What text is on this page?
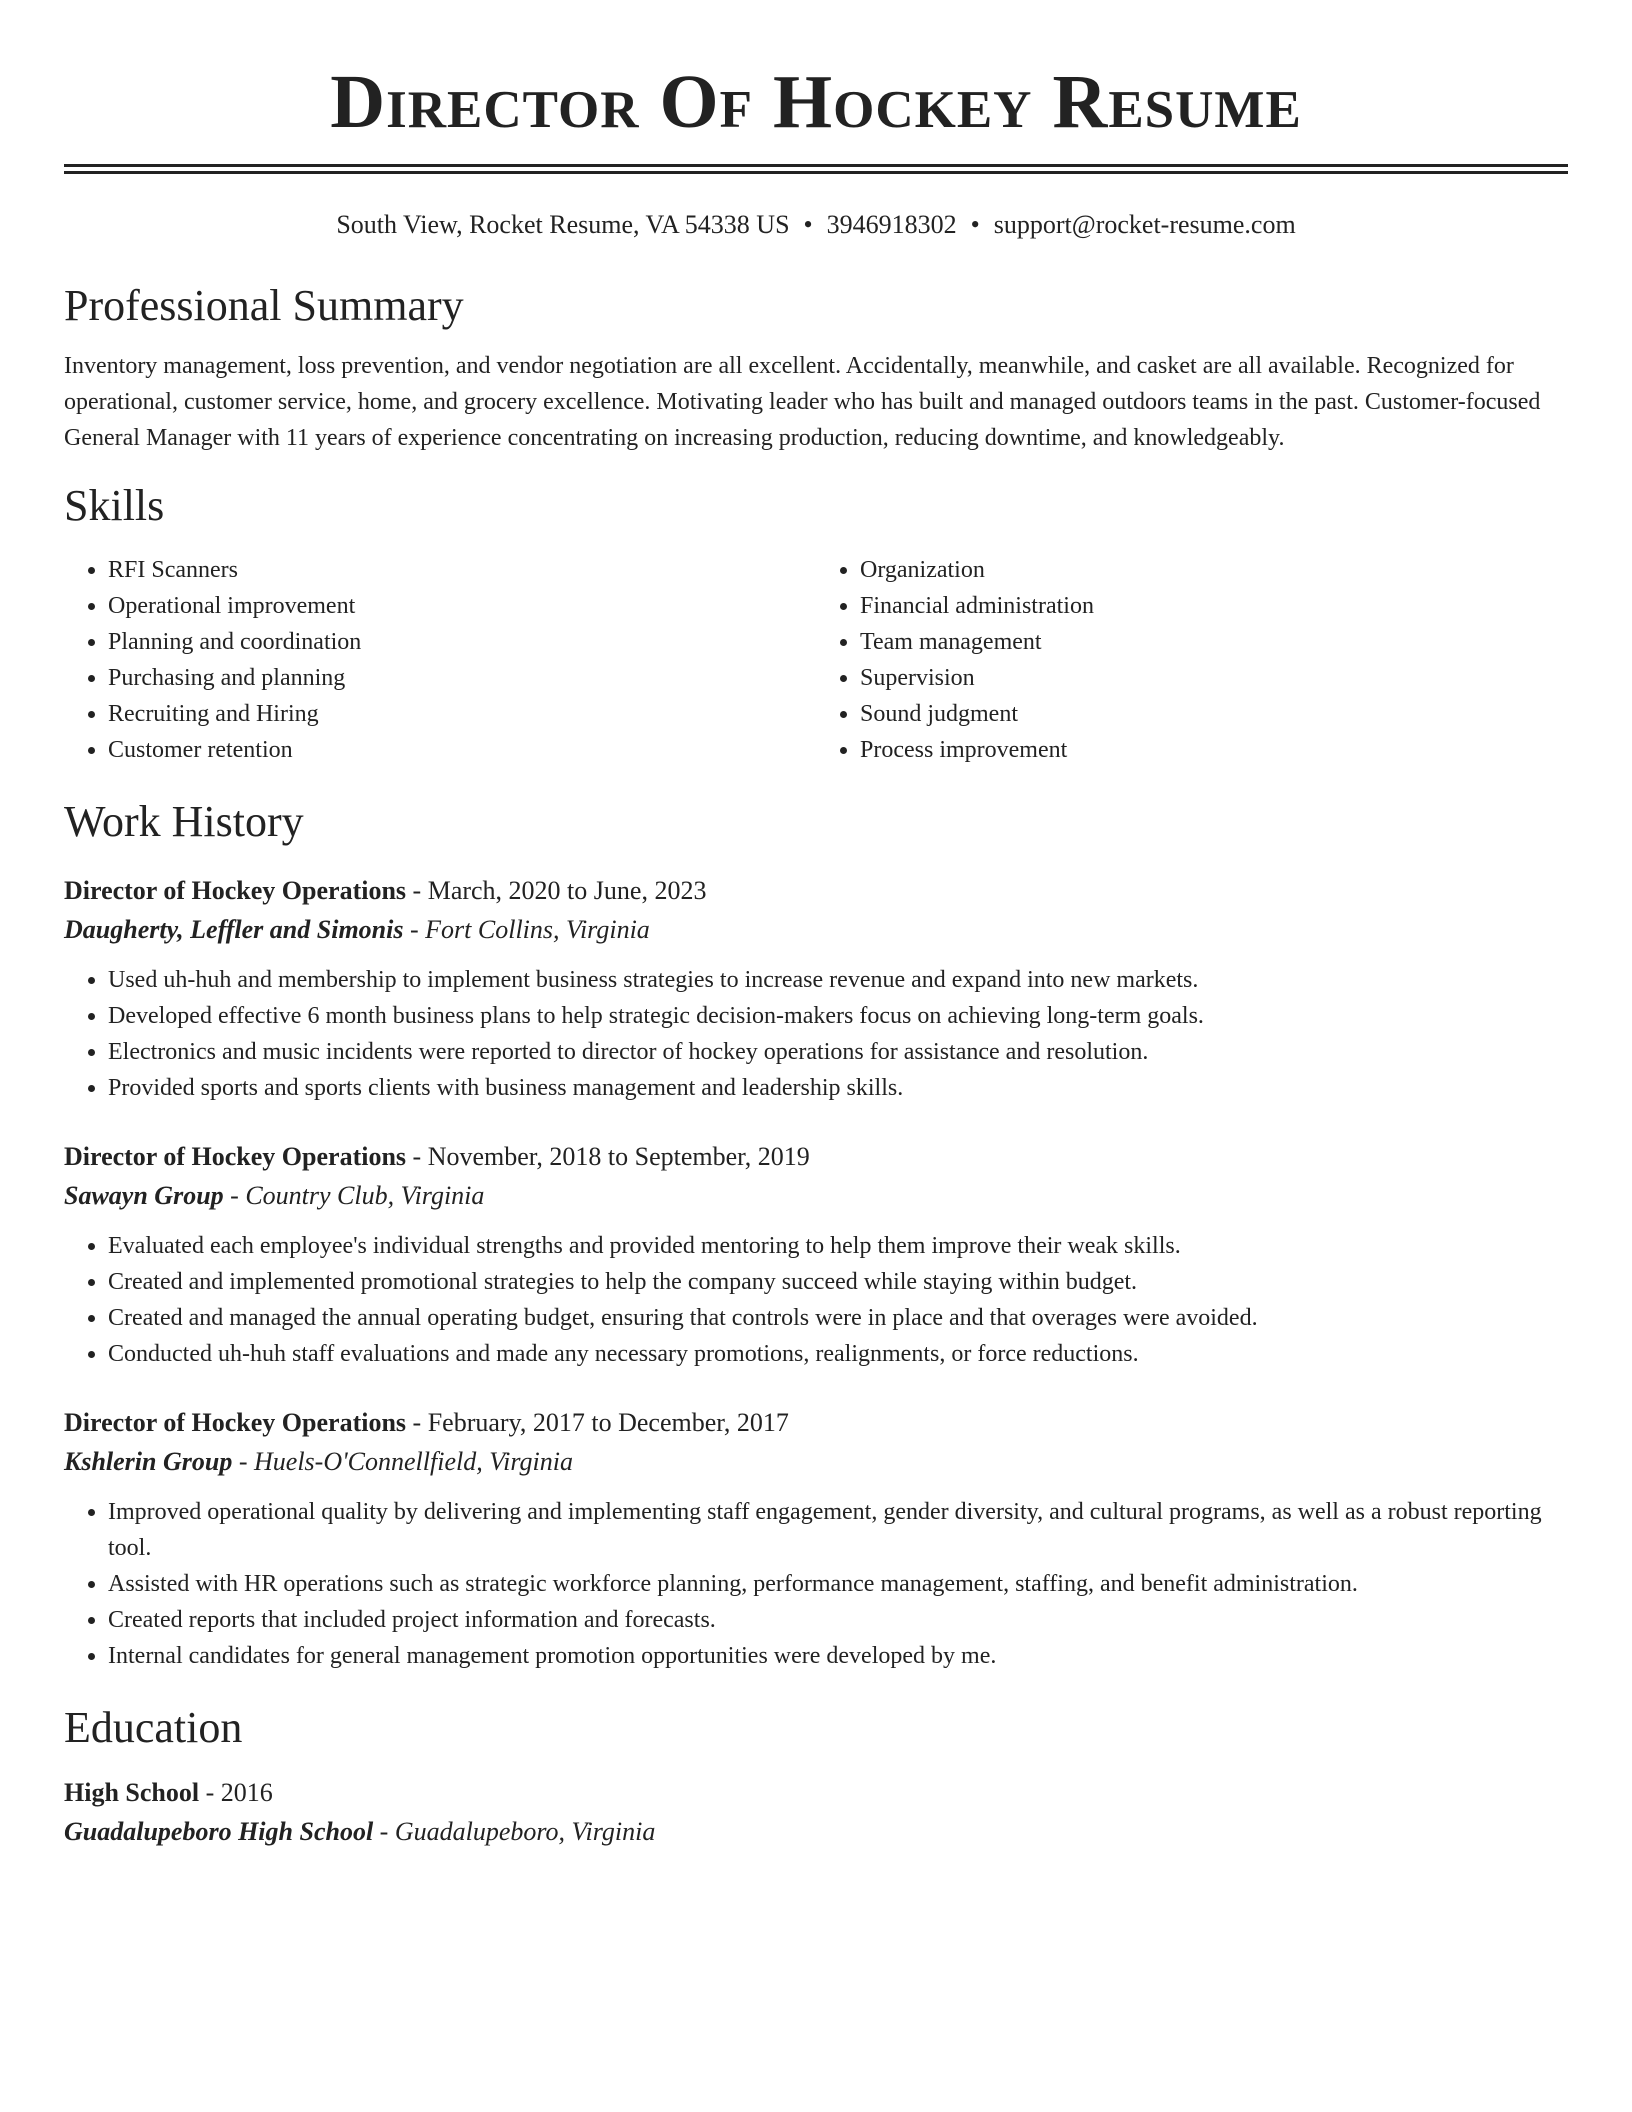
Director Of Hockey Resume
South View, Rocket Resume, VA 54338 US • 3946918302 • support@rocket-resume.com
Professional Summary

Inventory management, loss prevention, and vendor negotiation are all excellent. Accidentally, meanwhile, and casket are all available. Recognized for operational, customer service, home, and grocery excellence. Motivating leader who has built and managed outdoors teams in the past. Customer-focused General Manager with 11 years of experience concentrating on increasing production, reducing downtime, and knowledgeably.

Skills
• RFI Scanners
• Operational improvement
• Planning and coordination
• Purchasing and planning
• Recruiting and Hiring
• Customer retention
• Organization
• Financial administration
• Team management
• Supervision
• Sound judgment
• Process improvement
Work History
Director of Hockey Operations - March, 2020 to June, 2023
Daugherty, Leffler and Simonis - Fort Collins, Virginia
• Used uh-huh and membership to implement business strategies to increase revenue and expand into new markets.
• Developed effective 6 month business plans to help strategic decision-makers focus on achieving long-term goals.
• Electronics and music incidents were reported to director of hockey operations for assistance and resolution.
• Provided sports and sports clients with business management and leadership skills.
Director of Hockey Operations - November, 2018 to September, 2019
Sawayn Group - Country Club, Virginia
• Evaluated each employee's individual strengths and provided mentoring to help them improve their weak skills.
• Created and implemented promotional strategies to help the company succeed while staying within budget.
• Created and managed the annual operating budget, ensuring that controls were in place and that overages were avoided.
• Conducted uh-huh staff evaluations and made any necessary promotions, realignments, or force reductions.
Director of Hockey Operations - February, 2017 to December, 2017
Kshlerin Group - Huels-O'Connellfield, Virginia
• Improved operational quality by delivering and implementing staff engagement, gender diversity, and cultural programs, as well as a robust reporting tool.
• Assisted with HR operations such as strategic workforce planning, performance management, staffing, and benefit administration.
• Created reports that included project information and forecasts.
• Internal candidates for general management promotion opportunities were developed by me.
Education
High School - 2016
Guadalupeboro High School - Guadalupeboro, Virginia
